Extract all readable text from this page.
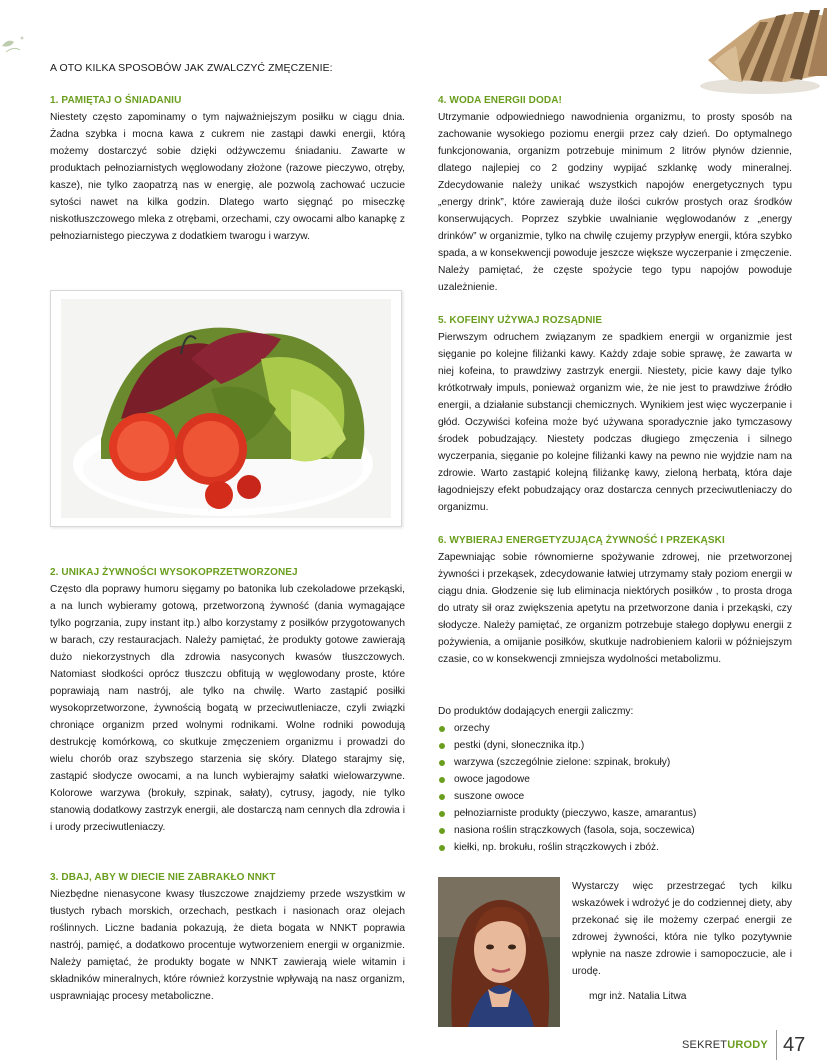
A OTO KILKA SPOSOBÓW JAK ZWALCZYĆ ZMĘCZENIE:
1. PAMIĘTAJ O ŚNIADANIU

Niestety często zapominamy o tym najważniejszym posiłku w ciągu dnia. Żadna szybka i mocna kawa z cukrem nie zastąpi dawki energii, którą możemy dostarczyć sobie dzięki odżywczemu śniadaniu. Zawarte w produktach pełnoziarnistych węglowodany złożone (razowe pieczywo, otręby, kasze), nie tylko zaopatrzą nas w energię, ale pozwolą zachować uczucie sytości nawet na kilka godzin. Dlatego warto sięgnąć po miseczkę niskotłuszczowego mleka z otrębami, orzechami, czy owocami albo kanapkę z pełnoziarnistego pieczywa z dodatkiem twarogu i warzyw.

2. UNIKAJ ŻYWNOŚCI WYSOKOPRZETWORZONEJ

Często dla poprawy humoru sięgamy po batonika lub czekoladowe przekąski, a na lunch wybieramy gotową, przetworzoną żywność (dania wymagające tylko pogrzania, zupy instant itp.) albo korzystamy z posiłków przygotowanych w barach, czy restauracjach. Należy pamiętać, że produkty gotowe zawierają dużo niekorzystnych dla zdrowia nasyconych kwasów tłuszczowych. Natomiast słodkości oprócz tłuszczu obfitują w węglowodany proste, które poprawiają nam nastrój, ale tylko na chwilę. Warto zastąpić posiłki wysokoprzetworzone, żywnością bogatą w przeciwutleniacze, czyli związki chroniące organizm przed wolnymi rodnikami. Wolne rodniki powodują destrukcję komórkową, co skutkuje zmęczeniem organizmu i prowadzi do wielu chorób oraz szybszego starzenia się skóry. Dlatego starajmy się, zastąpić słodycze owocami, a na lunch wybierajmy sałatki wielowarzywne. Kolorowe warzywa (brokuły, szpinak, sałaty), cytrusy, jagody, nie tylko stanowią dodatkowy zastrzyk energii, ale dostarczą nam cennych dla zdrowia i i urody przeciwutleniaczy.

3. DBAJ, ABY W DIECIE NIE ZABRAKŁO NNKT

Niezbędne nienasycone kwasy tłuszczowe znajdziemy przede wszystkim w tłustych rybach morskich, orzechach, pestkach i nasionach oraz olejach roślinnych. Liczne badania pokazują, że dieta bogata w NNKT poprawia nastrój, pamięć, a dodatkowo procentuje wytworzeniem energii w organizmie. Należy pamiętać, że produkty bogate w NNKT zawierają wiele witamin i składników mineralnych, które również korzystnie wpływają na nasz organizm, usprawniając procesy metaboliczne.

4. WODA ENERGII DODA!

Utrzymanie odpowiedniego nawodnienia organizmu, to prosty sposób na zachowanie wysokiego poziomu energii przez cały dzień. Do optymalnego funkcjonowania, organizm potrzebuje minimum 2 litrów płynów dziennie, dlatego najlepiej co 2 godziny wypijać szklankę wody mineralnej. Zdecydowanie należy unikać wszystkich napojów energetycznych typu „energy drink”, które zawierają duże ilości cukrów prostych oraz środków konserwujących. Poprzez szybkie uwalnianie węglowodanów z „energy drinków” w organizmie, tylko na chwilę czujemy przypływ energii, która szybko spada, a w konsekwencji powoduje jeszcze większe wyczerpanie i zmęczenie. Należy pamiętać, że częste spożycie tego typu napojów powoduje uzależnienie.

5. KOFEINY UŻYWAJ ROZSĄDNIE

Pierwszym odruchem związanym ze spadkiem energii w organizmie jest sięganie po kolejne filiżanki kawy. Każdy zdaje sobie sprawę, że zawarta w niej kofeina, to prawdziwy zastrzyk energii. Niestety, picie kawy daje tylko krótkotrwały impuls, ponieważ organizm wie, że nie jest to prawdziwe źródło energii, a działanie substancji chemicznych. Wynikiem jest więc wyczerpanie i głód. Oczywiści kofeina może być używana sporadycznie jako tymczasowy środek pobudzający. Niestety podczas długiego zmęczenia i silnego wyczerpania, sięganie po kolejne filiżanki kawy na pewno nie wyjdzie nam na zdrowie. Warto zastąpić kolejną filiżankę kawy, zieloną herbatą, która daje łagodniejszy efekt pobudzający oraz dostarcza cennych przeciwutleniaczy do organizmu.

6. WYBIERAJ ENERGETYZUJĄCĄ ŻYWNOŚĆ I PRZEKĄSKI

Zapewniając sobie równomierne spożywanie zdrowej, nie przetworzonej żywności i przekąsek, zdecydowanie łatwiej utrzymamy stały poziom energii w ciągu dnia. Głodzenie się lub eliminacja niektórych posiłków , to prosta droga do utraty sił oraz zwiększenia apetytu na przetworzone dania i przekąski, czy słodycze. Należy pamiętać, ze organizm potrzebuje stałego dopływu energii z pożywienia, a omijanie posiłków, skutkuje nadrobieniem kalorii w późniejszym czasie, co w konsekwencji zmniejsza wydolności metabolizmu.

Do produktów dodających energii zaliczmy:
orzechy
pestki (dyni, słonecznika itp.)
warzywa (szczególnie zielone: szpinak, brokuły)
owoce jagodowe
suszone owoce
pełnoziarniste produkty (pieczywo, kasze, amarantus)
nasiona roślin strączkowych (fasola, soja, soczewica)
kiełki, np. brokułu, roślin strączkowych i zbóż.

Wystarczy więc przestrzegać tych kilku wskazówek i wdrożyć je do codziennej diety, aby przekonać się ile możemy czerpać energii ze zdrowej żywności, która nie tylko pozytywnie wpłynie na nasze zdrowie i samopoczucie, ale i urodę.

mgr inż. Natalia Litwa
SEKRETURODY 47
